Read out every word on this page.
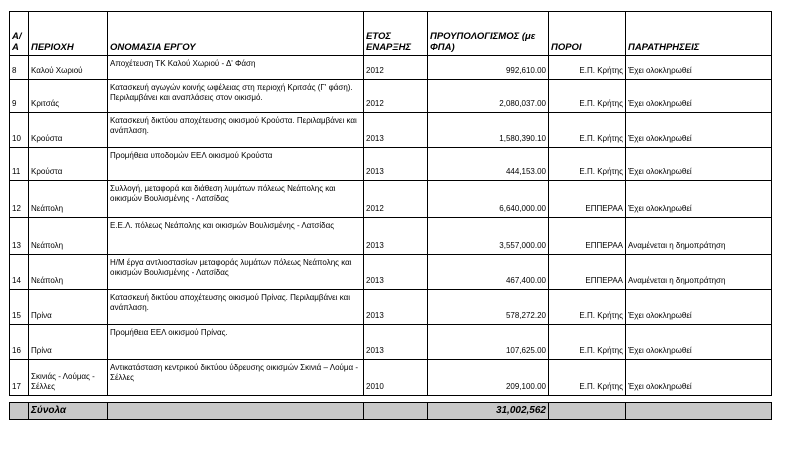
Α/ Α	ΠΕΡΙΟΧΗ	ΟΝΟΜΑΣΙΑ ΕΡΓΟΥ	ΕΤΟΣ ΕΝΑΡΞΗΣ	ΠΡΟΥΠΟΛΟΓΙΣΜΟΣ (με ΦΠΑ)	ΠΟΡΟΙ	ΠΑΡΑΤΗΡΗΣΕΙΣ
8	Καλού Χωριού	Αποχέτευση ΤΚ Καλού Χωριού - Δ' Φάση	2012	992,610.00	Ε.Π. Κρήτης	Έχει ολοκληρωθεί
9	Κριτσάς	Κατασκευή αγωγών κοινής ωφέλειας στη περιοχή Κριτσάς (Γ' φάση). Περιλαμβάνει και αναπλάσεις στον οικισμό.	2012	2,080,037.00	Ε.Π. Κρήτης	Έχει ολοκληρωθεί
10	Κρούστα	Κατασκευή δικτύου αποχέτευσης οικισμού Κρούστα. Περιλαμβάνει και ανάπλαση.	2013	1,580,390.10	Ε.Π. Κρήτης	Έχει ολοκληρωθεί
11	Κρούστα	Προμήθεια υποδομών ΕΕΛ οικισμού Κρούστα	2013	444,153.00	Ε.Π. Κρήτης	Έχει ολοκληρωθεί
12	Νεάπολη	Συλλογή, μεταφορά και διάθεση λυμάτων πόλεως Νεάπολης και οικισμών Βουλισμένης - Λατσίδας	2012	6,640,000.00	ΕΠΠΕΡΑΑ	Έχει ολοκληρωθεί
13	Νεάπολη	Ε.Ε.Λ. πόλεως Νεάπολης και οικισμών Βουλισμένης - Λατσίδας	2013	3,557,000.00	ΕΠΠΕΡΑΑ	Αναμένεται η δημοπράτηση
14	Νεάπολη	Η/Μ έργα αντλιοστασίων μεταφοράς λυμάτων πόλεως Νεάπολης και οικισμών Βουλισμένης - Λατσίδας	2013	467,400.00	ΕΠΠΕΡΑΑ	Αναμένεται η δημοπράτηση
15	Πρίνα	Κατασκευή δικτύου αποχέτευσης οικισμού Πρίνας. Περιλαμβάνει και ανάπλαση.	2013	578,272.20	Ε.Π. Κρήτης	Έχει ολοκληρωθεί
16	Πρίνα	Προμήθεια ΕΕΛ οικισμού Πρίνας.	2013	107,625.00	Ε.Π. Κρήτης	Έχει ολοκληρωθεί
17	Σκινιάς - Λούμας - Σέλλες	Αντικατάσταση κεντρικού δικτύου ύδρευσης οικισμών Σκινιά – Λούμα - Σέλλες	2010	209,100.00	Ε.Π. Κρήτης	Έχει ολοκληρωθεί

	Σύνολα			31,002,562		
